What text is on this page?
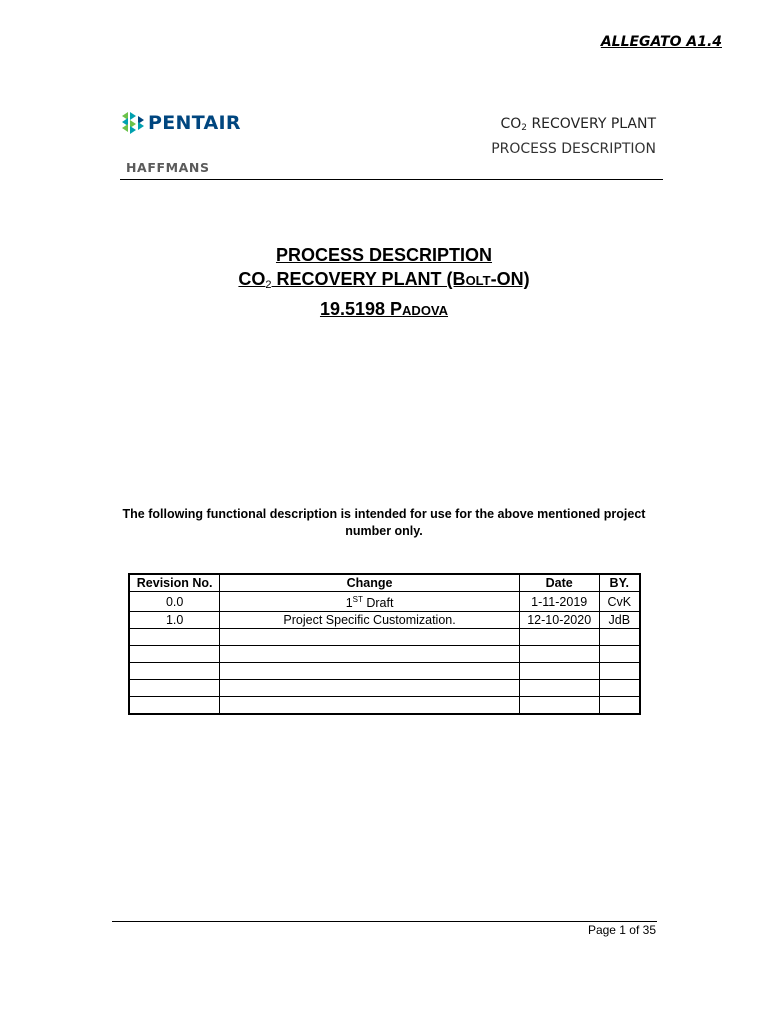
ALLEGATO A1.4
PENTAIR
HAFFMANS
$CO_2$ RECOVERY PLANT
PROCESS DESCRIPTION
PROCESS DESCRIPTION
$CO_2$ RECOVERY PLANT (BOLT-ON)
19.5198 PADOVA
The following functional description is intended for use for the above mentioned project number only.
Revision No.	Change	Date	BY.
0.0	1ST Draft	1-11-2019	CvK
1.0	Project Specific Customization.	12-10-2020	JdB

Page 1 of 35
